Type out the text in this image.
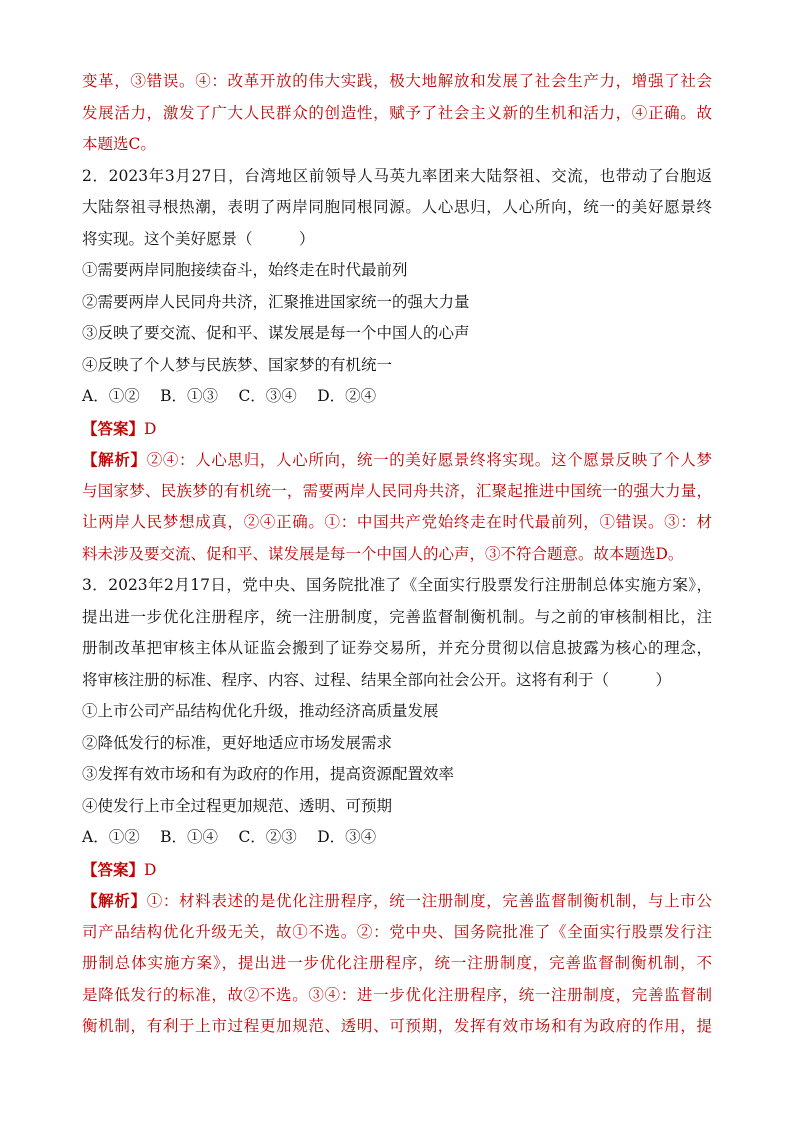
变革，③错误。④：改革开放的伟大实践，极大地解放和发展了社会生产力，增强了社会
发展活力，激发了广大人民群众的创造性，赋予了社会主义新的生机和活力，④正确。故
本题选C。
2．2023年3月27日，台湾地区前领导人马英九率团来大陆祭祖、交流，也带动了台胞返
大陆祭祖寻根热潮，表明了两岸同胞同根同源。人心思归，人心所向，统一的美好愿景终
将实现。这个美好愿景（　　　）
①需要两岸同胞接续奋斗，始终走在时代最前列
②需要两岸人民同舟共济，汇聚推进国家统一的强大力量
③反映了要交流、促和平、谋发展是每一个中国人的心声
④反映了个人梦与民族梦、国家梦的有机统一
A．①②　 B．①③　 C．③④　 D．②④
【答案】D
【解析】②④：人心思归，人心所向，统一的美好愿景终将实现。这个愿景反映了个人梦
与国家梦、民族梦的有机统一，需要两岸人民同舟共济，汇聚起推进中国统一的强大力量，
让两岸人民梦想成真，②④正确。①：中国共产党始终走在时代最前列，①错误。③：材
料未涉及要交流、促和平、谋发展是每一个中国人的心声，③不符合题意。故本题选D。
3．2023年2月17日，党中央、国务院批准了《全面实行股票发行注册制总体实施方案》，
提出进一步优化注册程序，统一注册制度，完善监督制衡机制。与之前的审核制相比，注
册制改革把审核主体从证监会搬到了证券交易所，并充分贯彻以信息披露为核心的理念，
将审核注册的标准、程序、内容、过程、结果全部向社会公开。这将有利于（　　　）
①上市公司产品结构优化升级，推动经济高质量发展
②降低发行的标准，更好地适应市场发展需求
③发挥有效市场和有为政府的作用，提高资源配置效率
④使发行上市全过程更加规范、透明、可预期
A．①②　 B．①④　 C．②③　 D．③④
【答案】D
【解析】①：材料表述的是优化注册程序，统一注册制度，完善监督制衡机制，与上市公
司产品结构优化升级无关，故①不选。②：党中央、国务院批准了《全面实行股票发行注
册制总体实施方案》，提出进一步优化注册程序，统一注册制度，完善监督制衡机制，不
是降低发行的标准，故②不选。③④：进一步优化注册程序，统一注册制度，完善监督制
衡机制，有利于上市过程更加规范、透明、可预期，发挥有效市场和有为政府的作用，提
